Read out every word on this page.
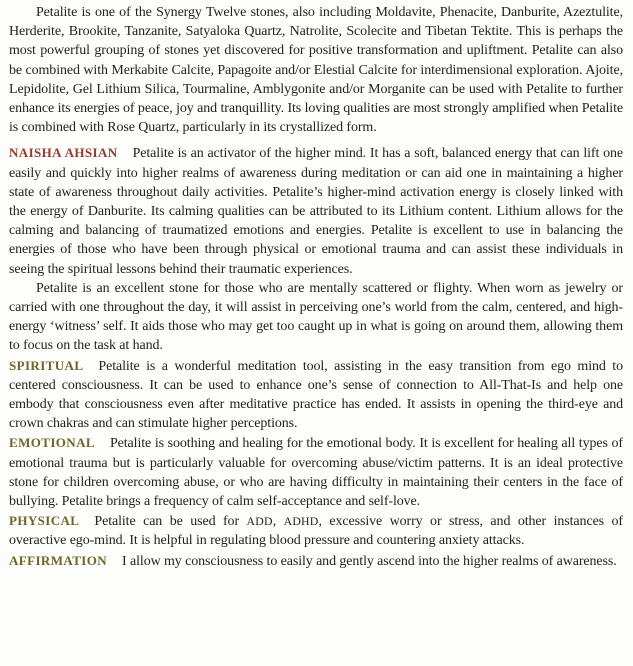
Petalite is one of the Synergy Twelve stones, also including Moldavite, Phenacite, Danburite, Azeztulite, Herderite, Brookite, Tanzanite, Satyaloka Quartz, Natrolite, Scolecite and Tibetan Tektite. This is perhaps the most powerful grouping of stones yet discovered for positive transformation and upliftment. Petalite can also be combined with Merkabite Calcite, Papagoite and/or Elestial Calcite for interdimensional exploration. Ajoite, Lepidolite, Gel Lithium Silica, Tourmaline, Amblygonite and/or Morganite can be used with Petalite to further enhance its energies of peace, joy and tranquillity. Its loving qualities are most strongly amplified when Petalite is combined with Rose Quartz, particularly in its crystallized form.

NAISHA AHSIAN Petalite is an activator of the higher mind. It has a soft, balanced energy that can lift one easily and quickly into higher realms of awareness during meditation or can aid one in maintaining a higher state of awareness throughout daily activities. Petalite’s higher-mind activation energy is closely linked with the energy of Danburite. Its calming qualities can be attributed to its Lithium content. Lithium allows for the calming and balancing of traumatized emotions and energies. Petalite is excellent to use in balancing the energies of those who have been through physical or emotional trauma and can assist these individuals in seeing the spiritual lessons behind their traumatic experiences.

Petalite is an excellent stone for those who are mentally scattered or flighty. When worn as jewelry or carried with one throughout the day, it will assist in perceiving one’s world from the calm, centered, and high-energy ‘witness’ self. It aids those who may get too caught up in what is going on around them, allowing them to focus on the task at hand.

SPIRITUAL Petalite is a wonderful meditation tool, assisting in the easy transition from ego mind to centered consciousness. It can be used to enhance one’s sense of connection to All-That-Is and help one embody that consciousness even after meditative practice has ended. It assists in opening the third-eye and crown chakras and can stimulate higher perceptions.

EMOTIONAL Petalite is soothing and healing for the emotional body. It is excellent for healing all types of emotional trauma but is particularly valuable for overcoming abuse/victim patterns. It is an ideal protective stone for children overcoming abuse, or who are having difficulty in maintaining their centers in the face of bullying. Petalite brings a frequency of calm self-acceptance and self-love.

PHYSICAL Petalite can be used for ADD, ADHD, excessive worry or stress, and other instances of overactive ego-mind. It is helpful in regulating blood pressure and countering anxiety attacks.

AFFIRMATION I allow my consciousness to easily and gently ascend into the higher realms of awareness.
